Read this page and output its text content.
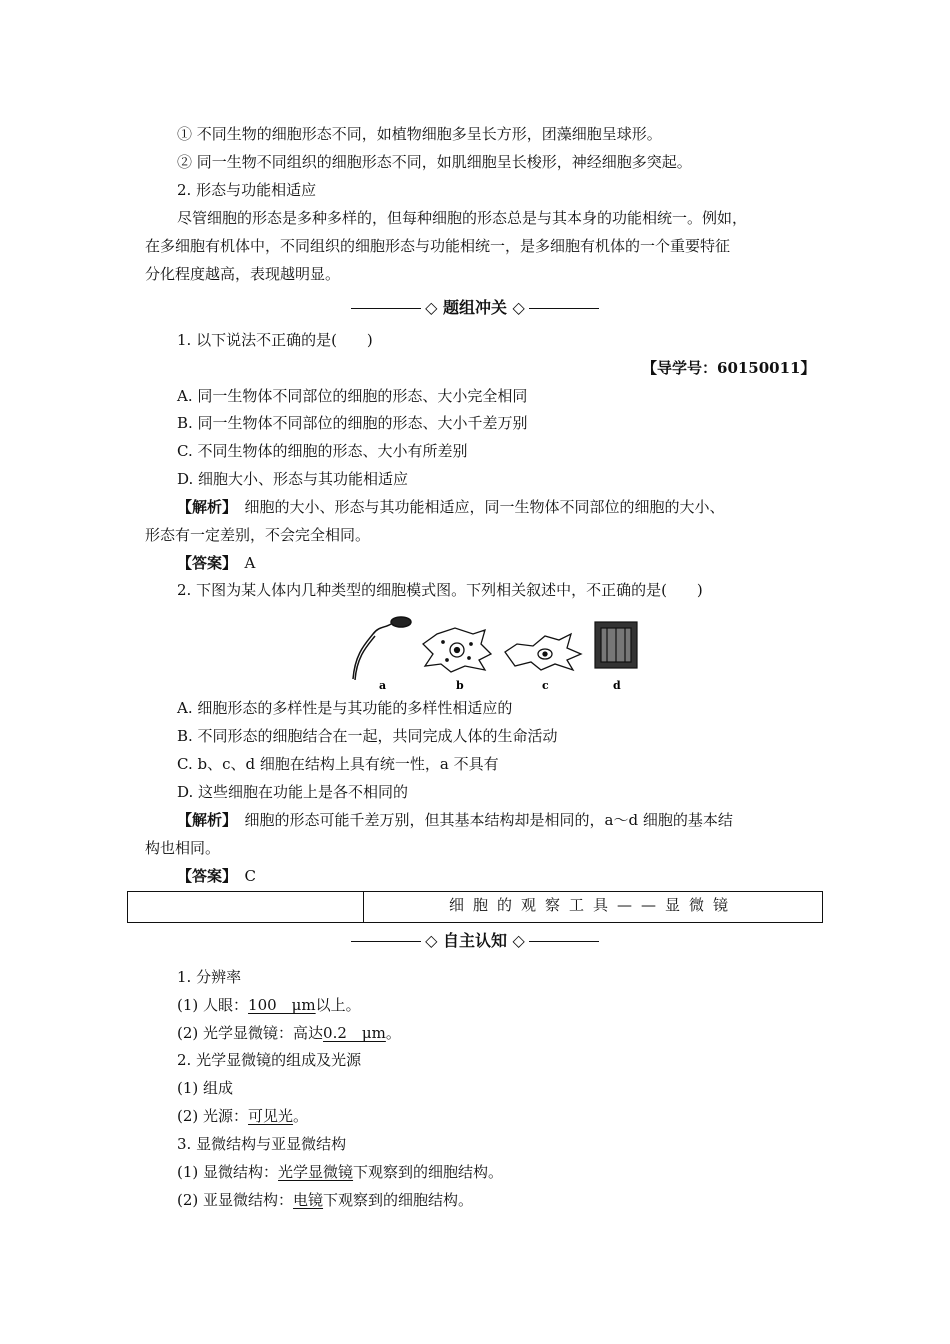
① 不同生物的细胞形态不同，如植物细胞多呈长方形，团藻细胞呈球形。
② 同一生物不同组织的细胞形态不同，如肌细胞呈长梭形，神经细胞多突起。
2. 形态与功能相适应
尽管细胞的形态是多种多样的，但每种细胞的形态总是与其本身的功能相统一。例如，
在多细胞有机体中，不同组织的细胞形态与功能相统一，是多细胞有机体的一个重要特征
分化程度越高，表现越明显。
◇ 题组冲关 ◇
1. 以下说法不正确的是(　　)
【导学号：60150011】
A. 同一生物体不同部位的细胞的形态、大小完全相同
B. 同一生物体不同部位的细胞的形态、大小千差万别
C. 不同生物体的细胞的形态、大小有所差别
D. 细胞大小、形态与其功能相适应
【解析】　细胞的大小、形态与其功能相适应，同一生物体不同部位的细胞的大小、
形态有一定差别，不会完全相同。
【答案】　A
2. 下图为某人体内几种类型的细胞模式图。下列相关叙述中，不正确的是(　　)
a	b	c	d
A. 细胞形态的多样性是与其功能的多样性相适应的
B. 不同形态的细胞结合在一起，共同完成人体的生命活动
C. b、c、d 细胞在结构上具有统一性，a 不具有
D. 这些细胞在功能上是各不相同的
【解析】　细胞的形态可能千差万别，但其基本结构却是相同的，a～d 细胞的基本结
构也相同。
【答案】　C
细胞的观察工具——显微镜
◇ 自主认知 ◇
1. 分辨率
(1) 人眼：100　μm以上。
(2) 光学显微镜：高达0.2　μm。
2. 光学显微镜的组成及光源
(1) 组成
(2) 光源：可见光。
3. 显微结构与亚显微结构
(1) 显微结构：光学显微镜下观察到的细胞结构。
(2) 亚显微结构：电镜下观察到的细胞结构。
